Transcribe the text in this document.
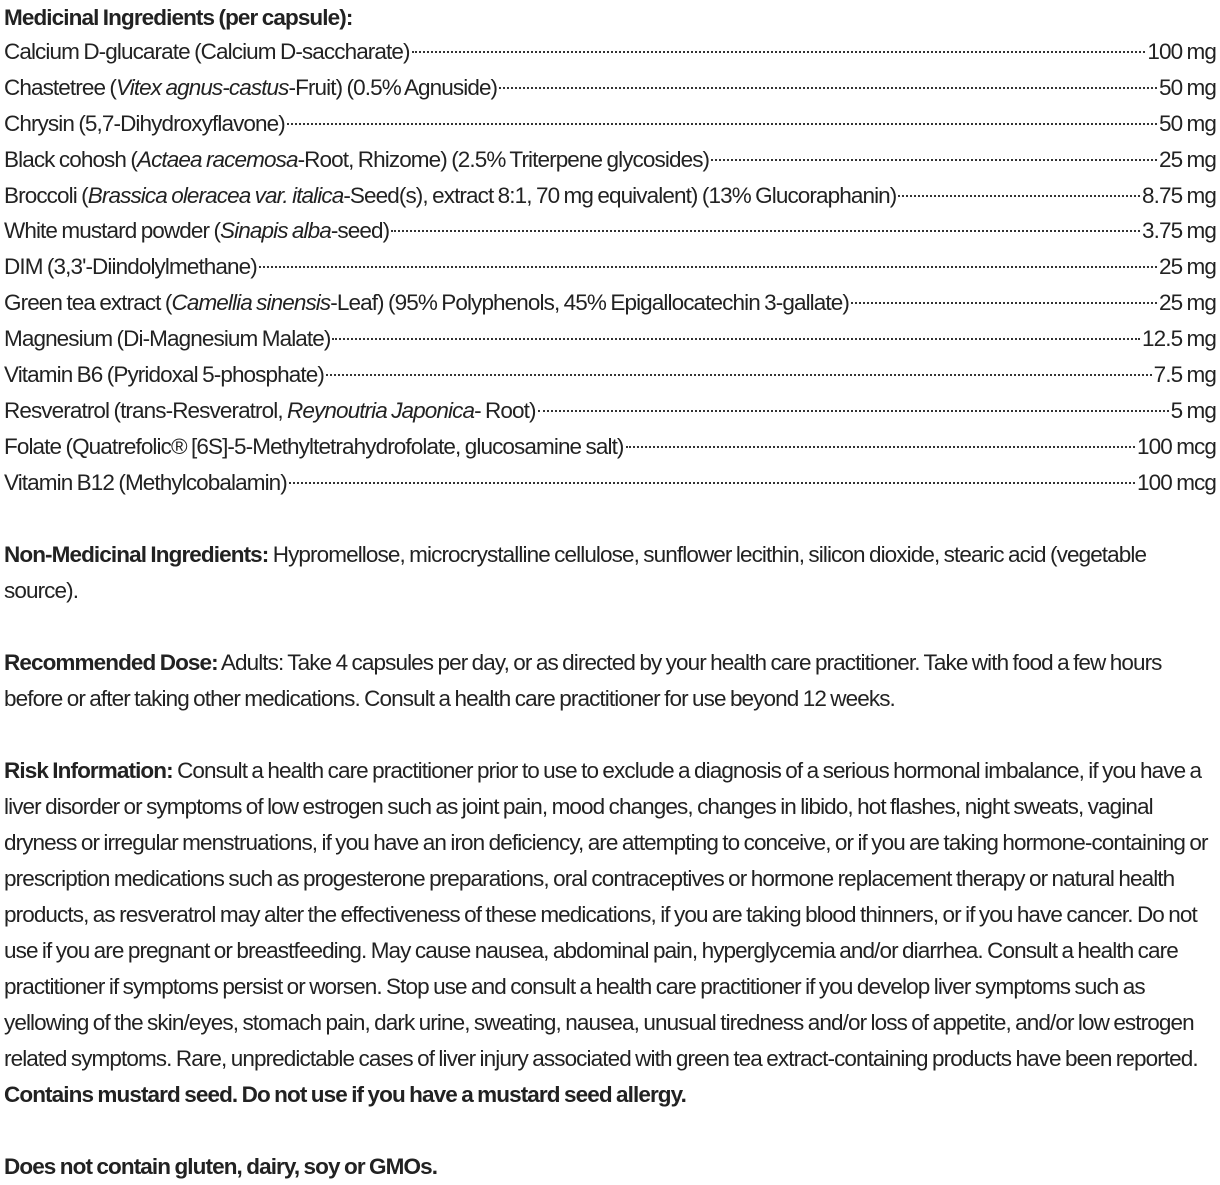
Medicinal Ingredients (per capsule):
Calcium D-glucarate (Calcium D-saccharate)	100 mg
Chastetree (Vitex agnus-castus-Fruit) (0.5% Agnuside)	50 mg
Chrysin (5,7-Dihydroxyflavone)	50 mg
Black cohosh (Actaea racemosa-Root, Rhizome) (2.5% Triterpene glycosides)	25 mg
Broccoli (Brassica oleracea var. italica-Seed(s), extract 8:1, 70 mg equivalent) (13% Glucoraphanin)	8.75 mg
White mustard powder (Sinapis alba-seed)	3.75 mg
DIM (3,3'-Diindolylmethane)	25 mg
Green tea extract (Camellia sinensis-Leaf) (95% Polyphenols, 45% Epigallocatechin 3-gallate)	25 mg
Magnesium (Di-Magnesium Malate)	12.5 mg
Vitamin B6 (Pyridoxal 5-phosphate)	7.5 mg
Resveratrol (trans-Resveratrol, Reynoutria Japonica- Root)	5 mg
Folate (Quatrefolic® [6S]-5-Methyltetrahydrofolate, glucosamine salt)	100 mcg
Vitamin B12 (Methylcobalamin)	100 mcg

Non-Medicinal Ingredients: Hypromellose, microcrystalline cellulose, sunflower lecithin, silicon dioxide, stearic acid (vegetable source).

Recommended Dose: Adults: Take 4 capsules per day, or as directed by your health care practitioner. Take with food a few hours before or after taking other medications. Consult a health care practitioner for use beyond 12 weeks.

Risk Information: Consult a health care practitioner prior to use to exclude a diagnosis of a serious hormonal imbalance, if you have a liver disorder or symptoms of low estrogen such as joint pain, mood changes, changes in libido, hot flashes, night sweats, vaginal dryness or irregular menstruations, if you have an iron deficiency, are attempting to conceive, or if you are taking hormone-containing or prescription medications such as progesterone preparations, oral contraceptives or hormone replacement therapy or natural health products, as resveratrol may alter the effectiveness of these medications, if you are taking blood thinners, or if you have cancer. Do not use if you are pregnant or breastfeeding. May cause nausea, abdominal pain, hyperglycemia and/or diarrhea. Consult a health care practitioner if symptoms persist or worsen. Stop use and consult a health care practitioner if you develop liver symptoms such as yellowing of the skin/eyes, stomach pain, dark urine, sweating, nausea, unusual tiredness and/or loss of appetite, and/or low estrogen related symptoms. Rare, unpredictable cases of liver injury associated with green tea extract-containing products have been reported. Contains mustard seed. Do not use if you have a mustard seed allergy.

Does not contain gluten, dairy, soy or GMOs.
